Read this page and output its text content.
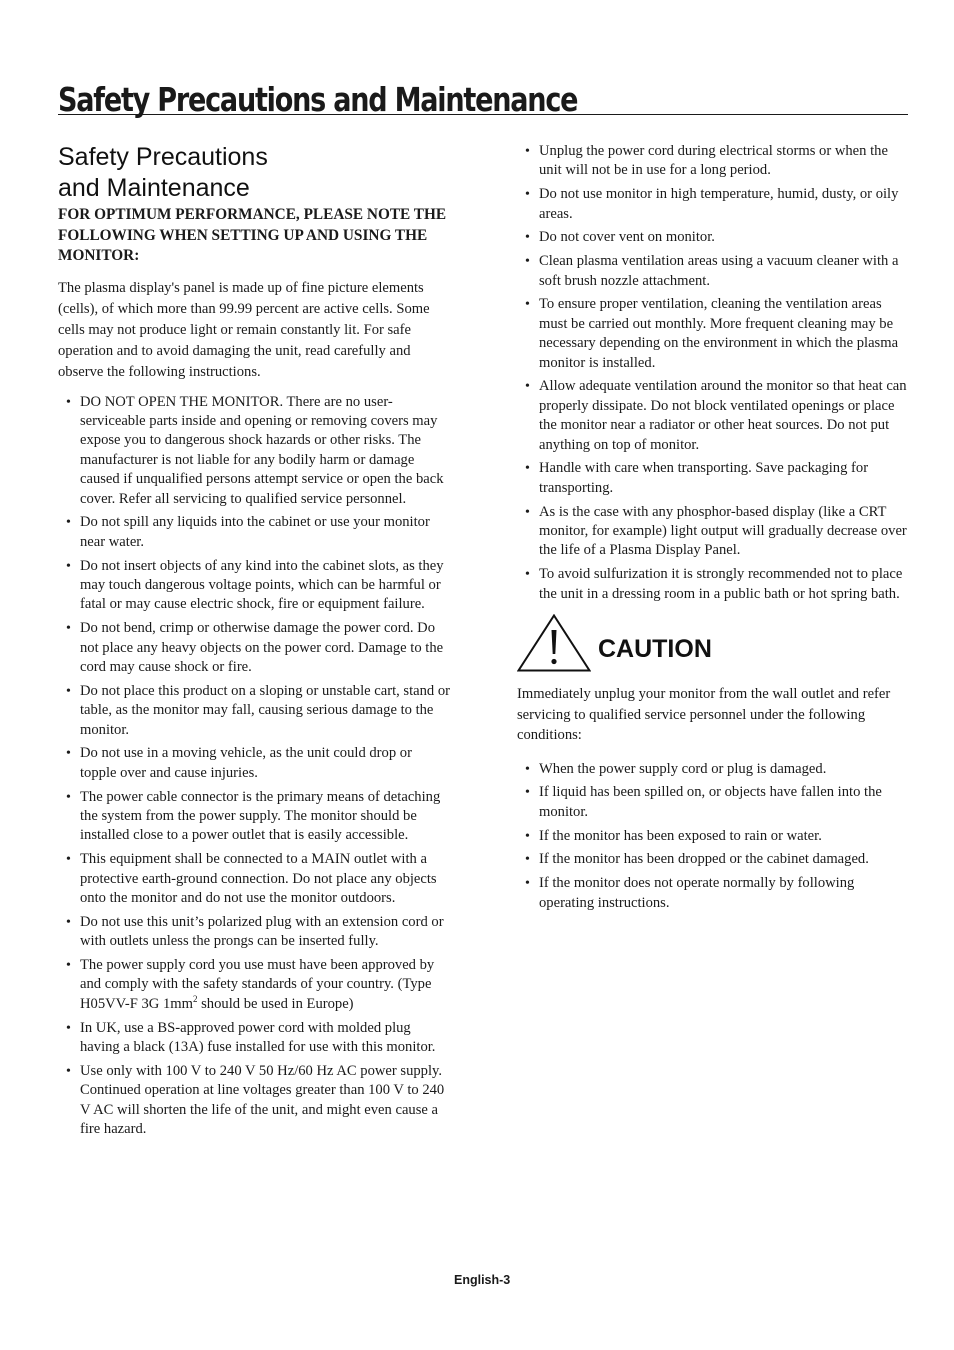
Safety Precautions and Maintenance
Safety Precautions
and Maintenance

FOR OPTIMUM PERFORMANCE, PLEASE NOTE THE FOLLOWING WHEN SETTING UP AND USING THE MONITOR:

The plasma display's panel is made up of fine picture elements (cells), of which more than 99.99 percent are active cells. Some cells may not produce light or remain constantly lit. For safe operation and to avoid damaging the unit, read carefully and observe the following instructions.

• DO NOT OPEN THE MONITOR. There are no user-serviceable parts inside and opening or removing covers may expose you to dangerous shock hazards or other risks. The manufacturer is not liable for any bodily harm or damage caused if unqualified persons attempt service or open the back cover. Refer all servicing to qualified service personnel.
• Do not spill any liquids into the cabinet or use your monitor near water.
• Do not insert objects of any kind into the cabinet slots, as they may touch dangerous voltage points, which can be harmful or fatal or may cause electric shock, fire or equipment failure.
• Do not bend, crimp or otherwise damage the power cord. Do not place any heavy objects on the power cord. Damage to the cord may cause shock or fire.
• Do not place this product on a sloping or unstable cart, stand or table, as the monitor may fall, causing serious damage to the monitor.
• Do not use in a moving vehicle, as the unit could drop or topple over and cause injuries.
• The power cable connector is the primary means of detaching the system from the power supply. The monitor should be installed close to a power outlet that is easily accessible.
• This equipment shall be connected to a MAIN outlet with a protective earth-ground connection. Do not place any objects onto the monitor and do not use the monitor outdoors.
• Do not use this unit’s polarized plug with an extension cord or with outlets unless the prongs can be inserted fully.
• The power supply cord you use must have been approved by and comply with the safety standards of your country. (Type H05VV-F 3G $1mm^2$ should be used in Europe)
• In UK, use a BS-approved power cord with molded plug having a black (13A) fuse installed for use with this monitor.
• Use only with 100 V to 240 V 50 Hz/60 Hz AC power supply. Continued operation at line voltages greater than 100 V to 240 V AC will shorten the life of the unit, and might even cause a fire hazard.
• Unplug the power cord during electrical storms or when the unit will not be in use for a long period.
• Do not use monitor in high temperature, humid, dusty, or oily areas.
• Do not cover vent on monitor.
• Clean plasma ventilation areas using a vacuum cleaner with a soft brush nozzle attachment.
• To ensure proper ventilation, cleaning the ventilation areas must be carried out monthly. More frequent cleaning may be necessary depending on the environment in which the plasma monitor is installed.
• Allow adequate ventilation around the monitor so that heat can properly dissipate. Do not block ventilated openings or place the monitor near a radiator or other heat sources. Do not put anything on top of monitor.
• Handle with care when transporting. Save packaging for transporting.
• As is the case with any phosphor-based display (like a CRT monitor, for example) light output will gradually decrease over the life of a Plasma Display Panel.
• To avoid sulfurization it is strongly recommended not to place the unit in a dressing room in a public bath or hot spring bath.
CAUTION

Immediately unplug your monitor from the wall outlet and refer servicing to qualified service personnel under the following conditions:

• When the power supply cord or plug is damaged.
• If liquid has been spilled on, or objects have fallen into the monitor.
• If the monitor has been exposed to rain or water.
• If the monitor has been dropped or the cabinet damaged.
• If the monitor does not operate normally by following operating instructions.
English-3
